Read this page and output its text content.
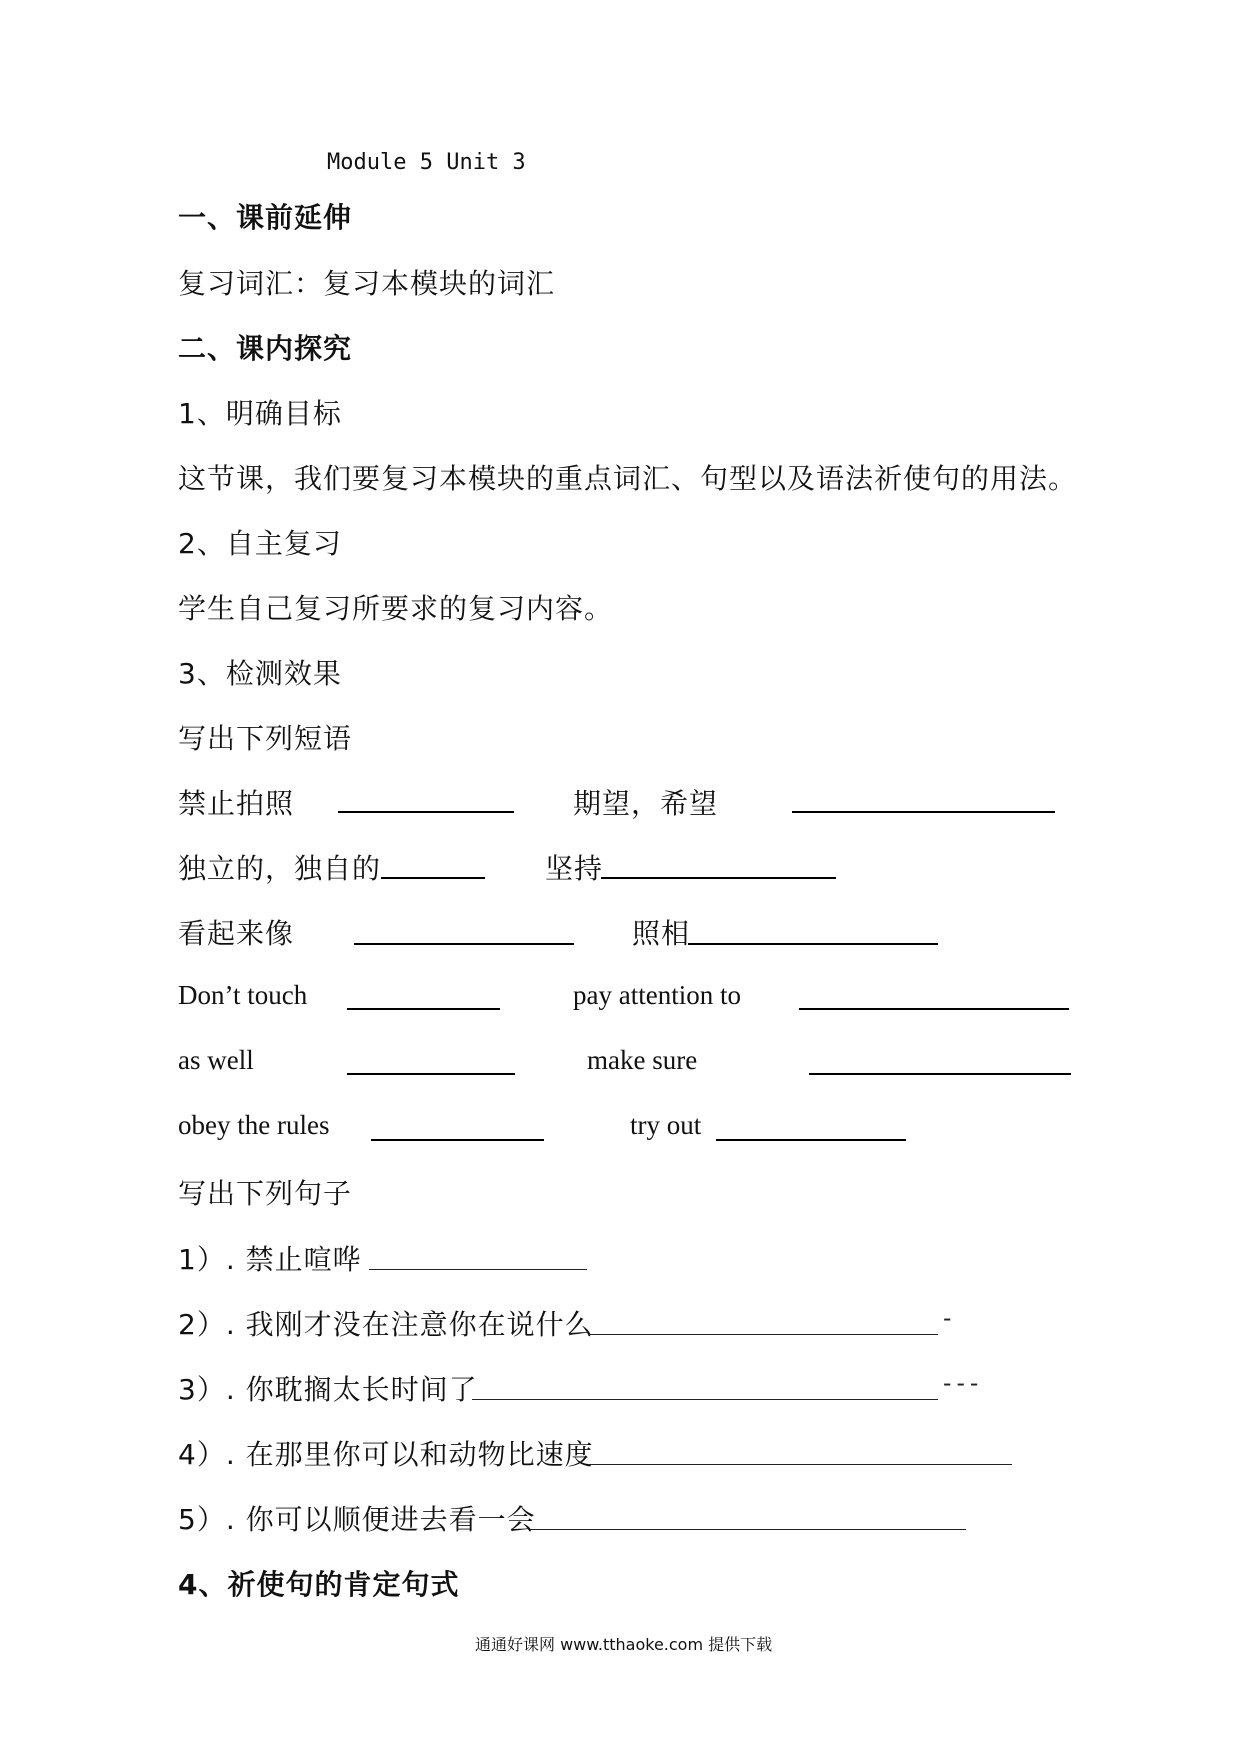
Module 5 Unit 3
一、课前延伸
复习词汇：复习本模块的词汇
二、课内探究
1、明确目标
这节课，我们要复习本模块的重点词汇、句型以及语法祈使句的用法。
2、自主复习
学生自己复习所要求的复习内容。
3、检测效果
写出下列短语
禁止拍照	期望，希望
独立的，独自的	坚持
看起来像	照相
Don’t touch	pay attention to
as well	make sure
obey the rules	try out
写出下列句子
1）. 禁止喧哗
2）. 我刚才没在注意你在说什么	-
3）. 你耽搁太长时间了	---
4）. 在那里你可以和动物比速度
5）. 你可以顺便进去看一会
4、祈使句的肯定句式
通通好课网 www.tthaoke.com 提供下载
